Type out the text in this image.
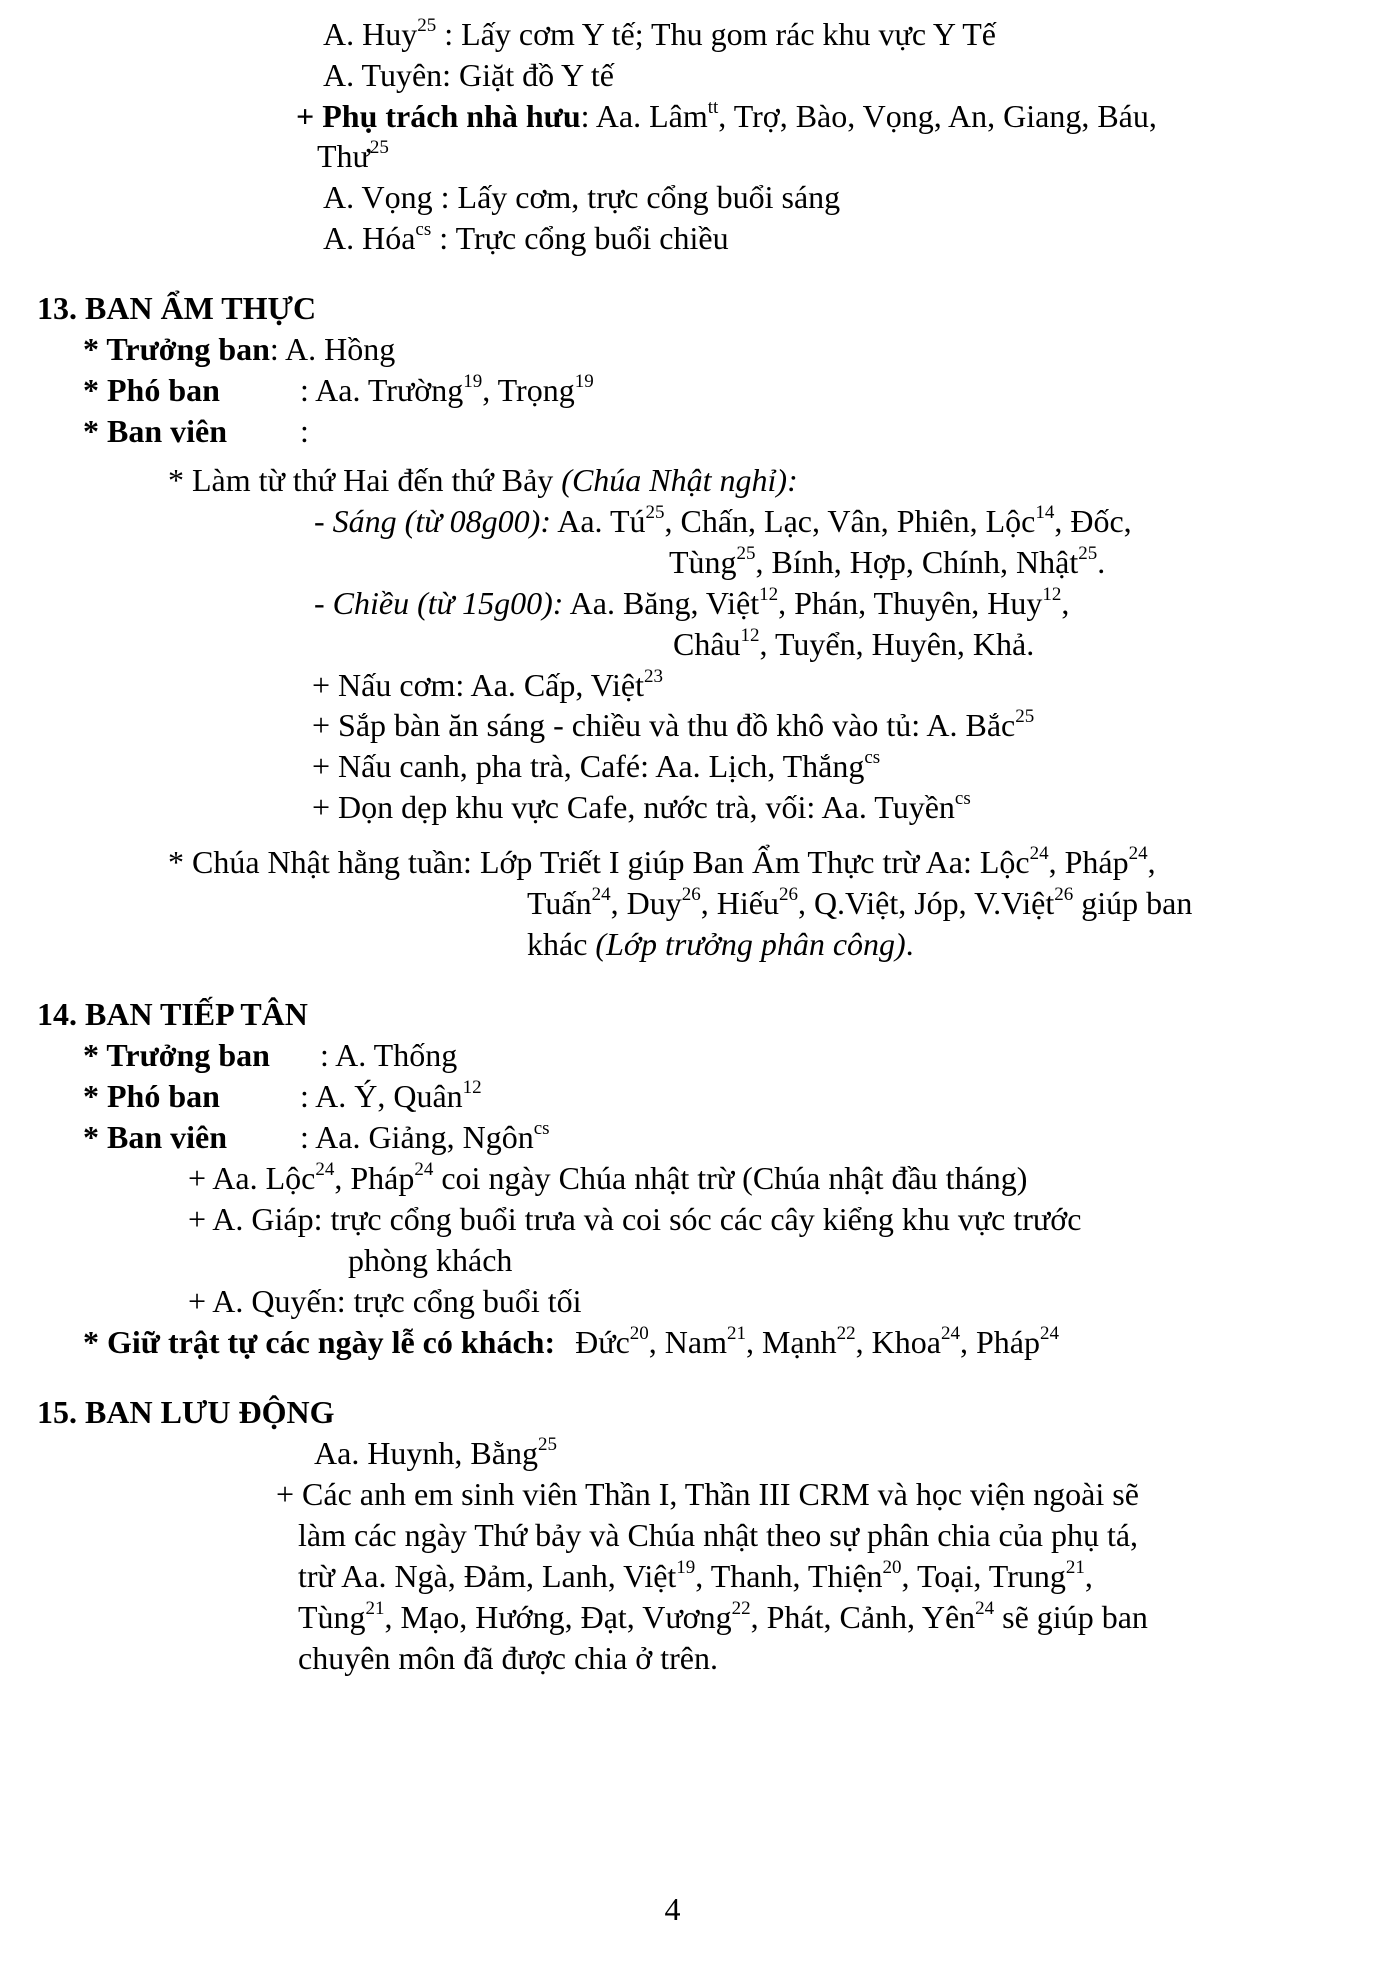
A. Huy$^{25}$ : Lấy cơm Y tế; Thu gom rác khu vực Y Tế
A. Tuyên: Giặt đồ Y tế
+ Phụ trách nhà hưu: Aa. Lâm$^{tt}$, Trợ, Bào, Vọng, An, Giang, Báu,
Thư$^{25}$
A. Vọng : Lấy cơm, trực cổng buổi sáng
A. Hóa$^{cs}$ : Trực cổng buổi chiều
13. BAN ẨM THỰC
* Trưởng ban: A. Hồng
* Phó ban	: Aa. Trường$^{19}$, Trọng$^{19}$
* Ban viên :
* Làm từ thứ Hai đến thứ Bảy (Chúa Nhật nghỉ):
- Sáng (từ 08g00): Aa. $Tú^{25}$, Chấn, Lạc, Vân, Phiên, Lộc$^{14}$, Đốc,
Tùng$^{25}$, Bính, Hợp, Chính, Nhật$^{25}$.
- Chiều (từ 15g00): Aa. Băng, Việt$^{12}$, Phán, Thuyên, Huy$^{12}$,
Châu$^{12}$, Tuyển, Huyên, Khả.
+ Nấu cơm: Aa. Cấp, Việt$^{23}$
+ Sắp bàn ăn sáng - chiều và thu đồ khô vào tủ: A. Bắc$^{25}$
+ Nấu canh, pha trà, Café: Aa. Lịch, Thắng$^{cs}$
+ Dọn dẹp khu vực Cafe, nước trà, vối: Aa. Tuyền$^{cs}$
* Chúa Nhật hằng tuần: Lớp Triết I giúp Ban Ẩm Thực trừ Aa: Lộc$^{24}$, Pháp$^{24}$,
Tuấn$^{24}$, Duy$^{26}$, Hiếu$^{26}$, Q.Việt, Jóp, V.Việt$^{26}$ giúp ban
khác (Lớp trưởng phân công).
14. BAN TIẾP TÂN
* Trưởng ban : A. Thống
* Phó ban	: A. Ý, Quân$^{12}$
* Ban viên : Aa. Giảng, Ngôn$^{cs}$
+ Aa. Lộc$^{24}$, Pháp$^{24}$ coi ngày Chúa nhật trừ (Chúa nhật đầu tháng)
+ A. Giáp: trực cổng buổi trưa và coi sóc các cây kiểng khu vực trước
phòng khách
+ A. Quyến: trực cổng buổi tối
* Giữ trật tự các ngày lễ có khách: Đức$^{20}$, Nam$^{21}$, Mạnh$^{22}$, Khoa$^{24}$, Pháp$^{24}$
15. BAN LƯU ĐỘNG
Aa. Huynh, Bằng$^{25}$
+ Các anh em sinh viên Thần I, Thần III CRM và học viện ngoài sẽ
làm các ngày Thứ bảy và Chúa nhật theo sự phân chia của phụ tá,
trừ Aa. Ngà, Đảm, Lanh, Việt$^{19}$, Thanh, Thiện$^{20}$, Toại, Trung$^{21}$,
Tùng$^{21}$, Mạo, Hướng, Đạt, Vương$^{22}$, Phát, Cảnh, Yên$^{24}$ sẽ giúp ban
chuyên môn đã được chia ở trên.
4
